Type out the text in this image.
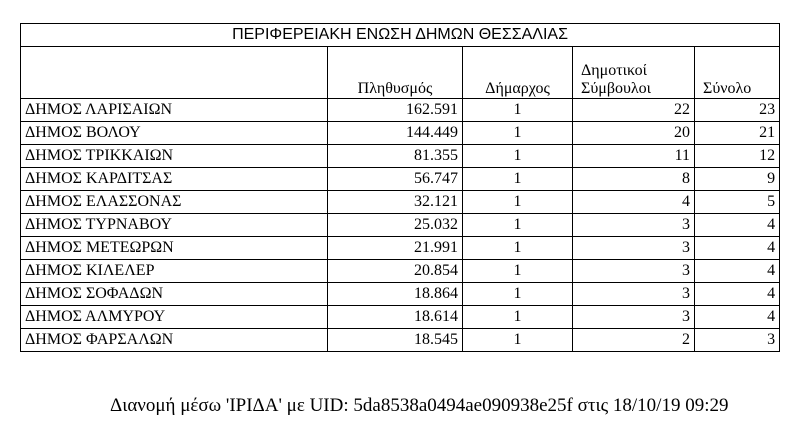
ΠΕΡΙΦΕΡΕΙΑΚΗ ΕΝΩΣΗ ΔΗΜΩΝ ΘΕΣΣΑΛΙΑΣ				
	Πληθυσμός	Δήμαρχος	Δημοτικοί Σύμβουλοι	Σύνολο
ΔΗΜΟΣ ΛΑΡΙΣΑΙΩΝ	162.591	1	22	23
ΔΗΜΟΣ ΒΟΛΟΥ	144.449	1	20	21
ΔΗΜΟΣ ΤΡΙΚΚΑΙΩΝ	81.355	1	11	12
ΔΗΜΟΣ ΚΑΡΔΙΤΣΑΣ	56.747	1	8	9
ΔΗΜΟΣ ΕΛΑΣΣΟΝΑΣ	32.121	1	4	5
ΔΗΜΟΣ ΤΥΡΝΑΒΟΥ	25.032	1	3	4
ΔΗΜΟΣ ΜΕΤΕΩΡΩΝ	21.991	1	3	4
ΔΗΜΟΣ ΚΙΛΕΛΕΡ	20.854	1	3	4
ΔΗΜΟΣ ΣΟΦΑΔΩΝ	18.864	1	3	4
ΔΗΜΟΣ ΑΛΜΥΡΟΥ	18.614	1	3	4
ΔΗΜΟΣ ΦΑΡΣΑΛΩΝ	18.545	1	2	3
Διανομή μέσω 'ΙΡΙΔΑ' με UID: 5da8538a0494ae090938e25f στις 18/10/19 09:29
